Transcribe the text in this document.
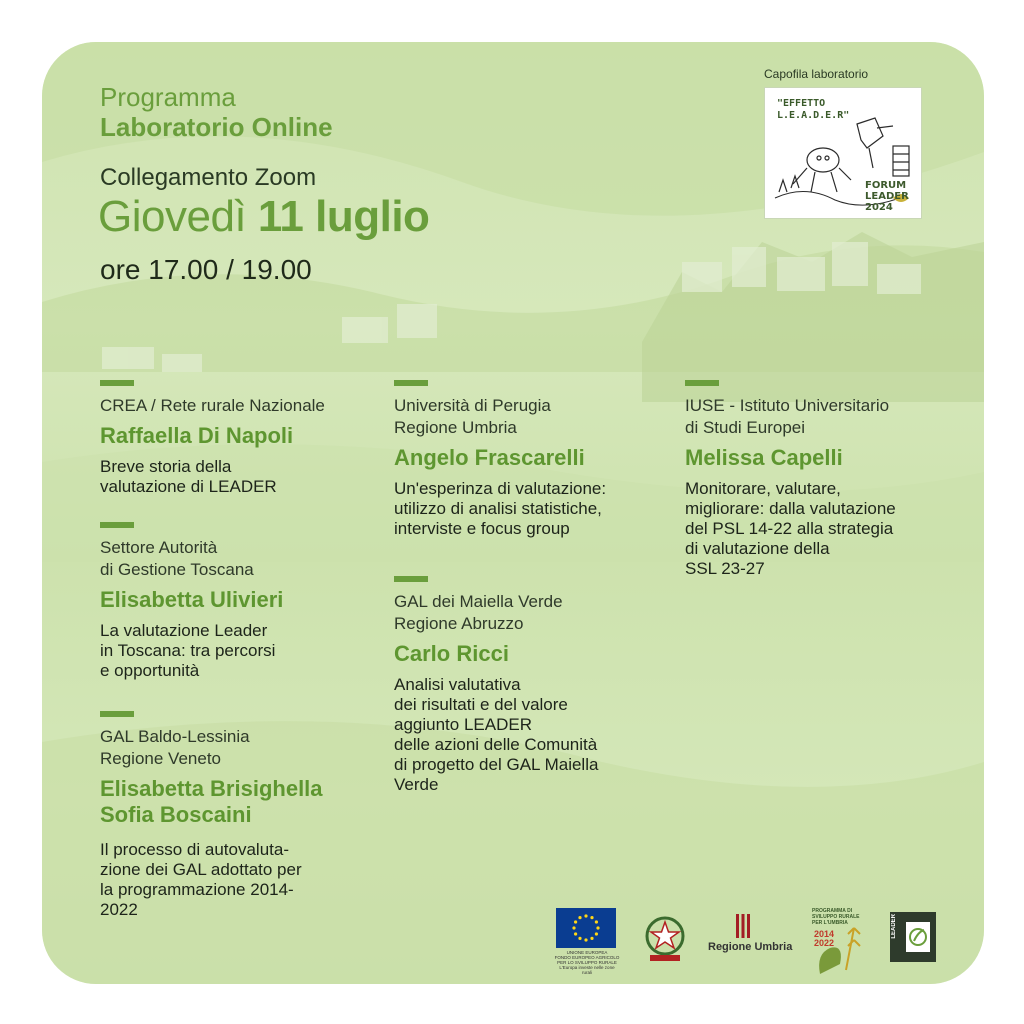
Programma

Laboratorio Online

Collegamento Zoom

Giovedì 11 luglio

ore 17.00 / 19.00

Capofila laboratorio

"EFFETTO
L.E.A.D.E.R"
FORUM
LEADER
2024
CREA / Rete rurale Nazionale
Raffaella Di Napoli
Breve storia della
valutazione di LEADER
Settore Autorità
di Gestione Toscana
Elisabetta Ulivieri
La valutazione Leader
in Toscana: tra percorsi
e opportunità
GAL Baldo-Lessinia
Regione Veneto
Elisabetta Brisighella
Sofia Boscaini
Il processo di autovaluta-
zione dei GAL adottato per
la programmazione 2014-
2022
Università di Perugia
Regione Umbria
Angelo Frascarelli
Un'esperinza di valutazione:
utilizzo di analisi statistiche,
interviste e focus group
GAL dei Maiella Verde
Regione Abruzzo
Carlo Ricci
Analisi valutativa
dei risultati e del valore
aggiunto LEADER
delle azioni delle Comunità
di progetto del GAL Maiella
Verde
IUSE - Istituto Universitario
di Studi Europei
Melissa Capelli
Monitorare, valutare,
migliorare: dalla valutazione
del PSL 14-22 alla strategia
di valutazione della
SSL 23-27
UNIONE EUROPEA
FONDO EUROPEO AGRICOLO
PER LO SVILUPPO RURALE
L'Europa investe nelle zone rurali
Regione Umbria
PROGRAMMA DI
SVILUPPO RURALE
PER L'UMBRIA
2014
2022
LEADER
